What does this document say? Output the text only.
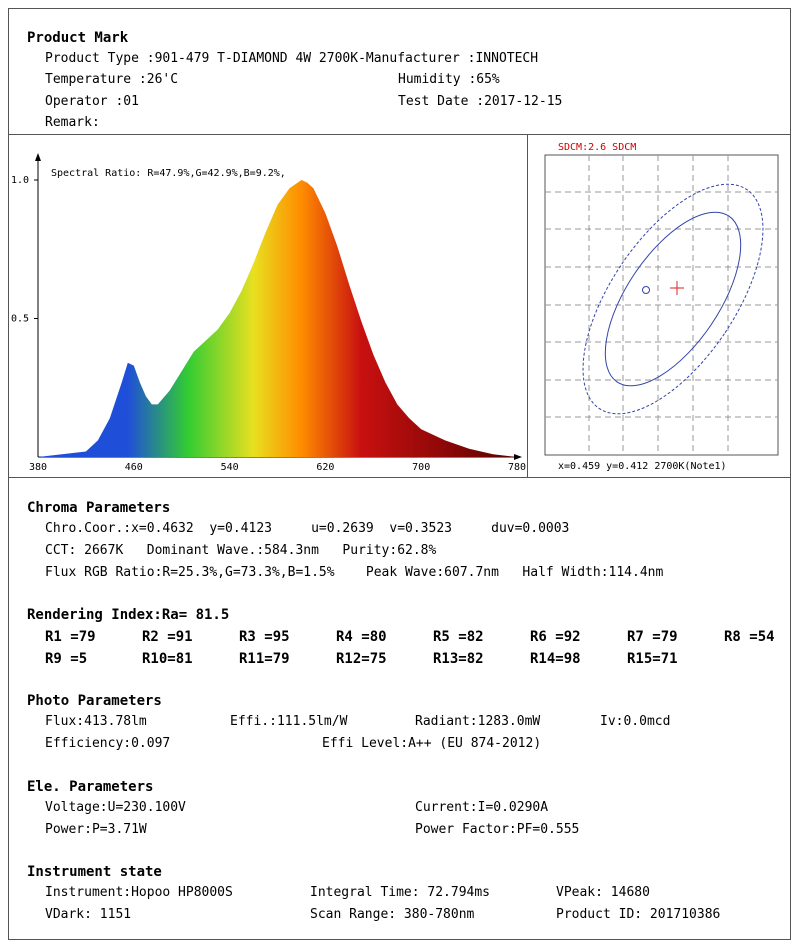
Product Mark
Product Type :901-479 T-DIAMOND 4W 2700K-Manufacturer :INNOTECH
Temperature :26'C	Humidity :65%
Operator :01	Test Date :2017-12-15
Remark:
380	460	540	620	700	780
1.0
0.5
Spectral Ratio: R=47.9%,G=42.9%,B=9.2%,
SDCM:2.6 SDCM
x=0.459 y=0.412 2700K(Note1)
Chroma Parameters
Chro.Coor.:x=0.4632  y=0.4123     u=0.2639  v=0.3523     duv=0.0003
CCT: 2667K   Dominant Wave.:584.3nm   Purity:62.8%
Flux RGB Ratio:R=25.3%,G=73.3%,B=1.5%    Peak Wave:607.7nm   Half Width:114.4nm
Rendering Index:Ra= 81.5
R1 =79	R2 =91	R3 =95	R4 =80	R5 =82	R6 =92	R7 =79	R8 =54
R9 =5	R10=81	R11=79	R12=75	R13=82	R14=98	R15=71
Photo Parameters
Flux:413.78lm	Effi.:111.5lm/W	Radiant:1283.0mW	Iv:0.0mcd
Efficiency:0.097	Effi Level:A++ (EU 874-2012)
Ele. Parameters
Voltage:U=230.100V	Current:I=0.0290A
Power:P=3.71W	Power Factor:PF=0.555
Instrument state
Instrument:Hopoo HP8000S	Integral Time: 72.794ms	VPeak: 14680
VDark: 1151	Scan Range: 380-780nm	Product ID: 201710386
